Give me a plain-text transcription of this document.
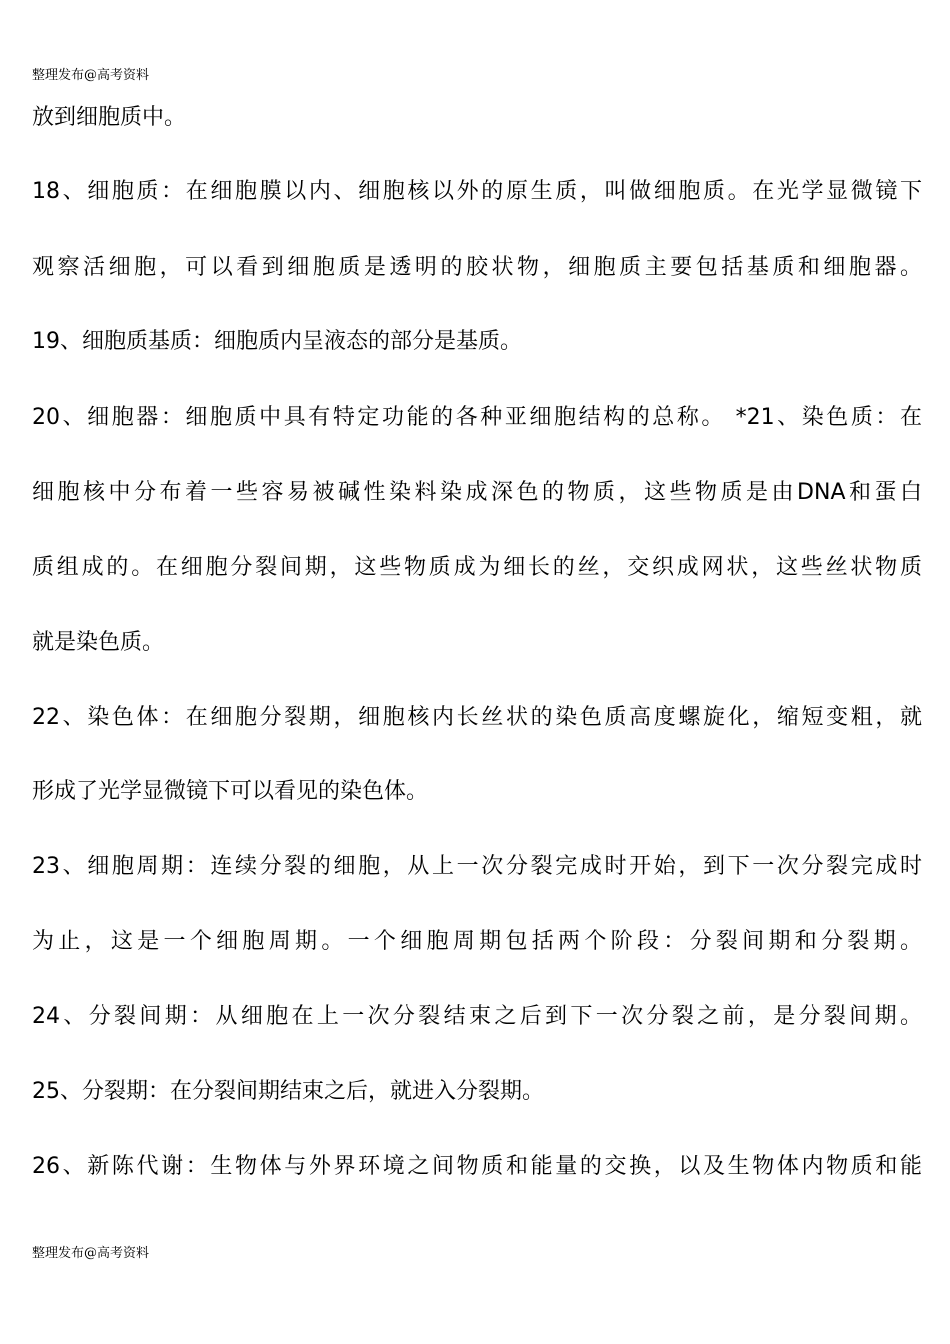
整理发布@高考资料
放到细胞质中。
18、细胞质：在细胞膜以内、细胞核以外的原生质，叫做细胞质。在光学显微镜下
观察活细胞，可以看到细胞质是透明的胶状物，细胞质主要包括基质和细胞器。
19、细胞质基质：细胞质内呈液态的部分是基质。
20、细胞器：细胞质中具有特定功能的各种亚细胞结构的总称。 *21、染色质：在
细胞核中分布着一些容易被碱性染料染成深色的物质，这些物质是由DNA和蛋白
质组成的。在细胞分裂间期，这些物质成为细长的丝，交织成网状，这些丝状物质
就是染色质。
22、染色体：在细胞分裂期，细胞核内长丝状的染色质高度螺旋化，缩短变粗，就
形成了光学显微镜下可以看见的染色体。
23、细胞周期：连续分裂的细胞，从上一次分裂完成时开始，到下一次分裂完成时
为止，这是一个细胞周期。一个细胞周期包括两个阶段：分裂间期和分裂期。
24、分裂间期：从细胞在上一次分裂结束之后到下一次分裂之前，是分裂间期。
25、分裂期：在分裂间期结束之后，就进入分裂期。
26、新陈代谢：生物体与外界环境之间物质和能量的交换，以及生物体内物质和能
整理发布@高考资料
